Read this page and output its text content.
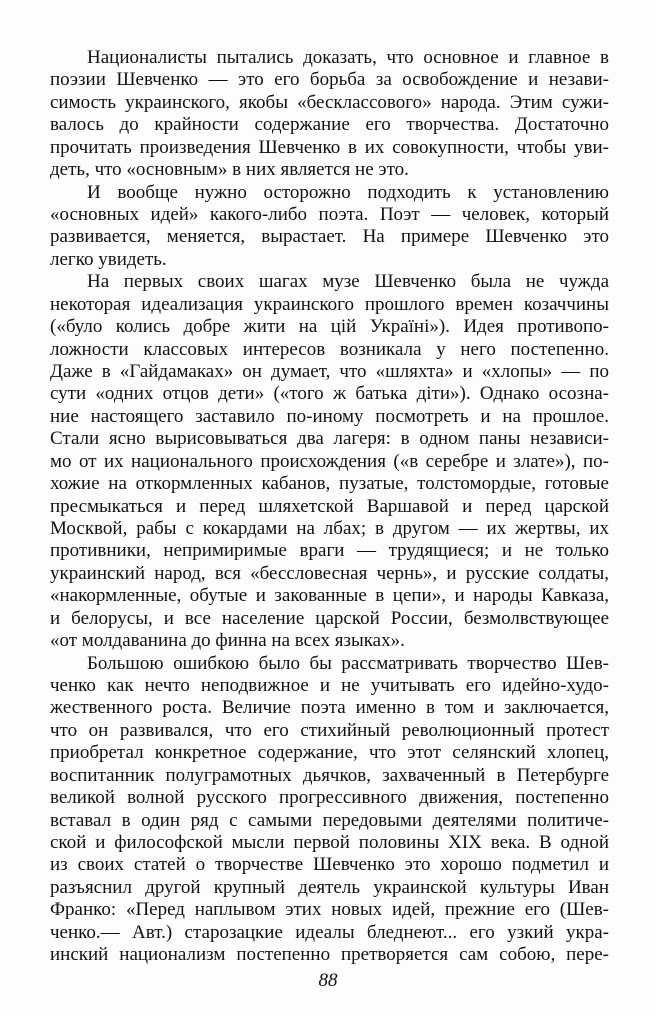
Националисты пытались доказать, что основное и главное в
поэзии Шевченко — это его борьба за освобождение и незави-
симость украинского, якобы «бесклассового» народа. Этим сужи-
валось до крайности содержание его творчества. Достаточно
прочитать произведения Шевченко в их совокупности, чтобы уви-
деть, что «основным» в них является не это.
И вообще нужно осторожно подходить к установлению
«основных идей» какого-либо поэта. Поэт — человек, который
развивается, меняется, вырастает. На примере Шевченко это
легко увидеть.
На первых своих шагах музе Шевченко была не чужда
некоторая идеализация украинского прошлого времен козаччины
(«було колись добре жити на цій Україні»). Идея противопо-
ложности классовых интересов возникала у него постепенно.
Даже в «Гайдамаках» он думает, что «шляхта» и «хлопы» — по
сути «одних отцов дети» («того ж батька діти»). Однако осозна-
ние настоящего заставило по-иному посмотреть и на прошлое.
Стали ясно вырисовываться два лагеря: в одном паны независи-
мо от их национального происхождения («в серебре и злате»), по-
хожие на откормленных кабанов, пузатые, толстомордые, готовые
пресмыкаться и перед шляхетской Варшавой и перед царской
Москвой, рабы с кокардами на лбах; в другом — их жертвы, их
противники, непримиримые враги — трудящиеся; и не только
украинский народ, вся «бессловесная чернь», и русские солдаты,
«накормленные, обутые и закованные в цепи», и народы Кавказа,
и белорусы, и все население царской России, безмолвствующее
«от молдаванина до финна на всех языках».
Большою ошибкою было бы рассматривать творчество Шев-
ченко как нечто неподвижное и не учитывать его идейно-худо-
жественного роста. Величие поэта именно в том и заключается,
что он развивался, что его стихийный революционный протест
приобретал конкретное содержание, что этот селянский хлопец,
воспитанник полуграмотных дьячков, захваченный в Петербурге
великой волной русского прогрессивного движения, постепенно
вставал в один ряд с самыми передовыми деятелями политиче-
ской и философской мысли первой половины XIX века. В одной
из своих статей о творчестве Шевченко это хорошо подметил и
разъяснил другой крупный деятель украинской культуры Иван
Франко: «Перед наплывом этих новых идей, прежние его (Шев-
ченко.— Авт.) старозацкие идеалы бледнеют... его узкий укра-
инский национализм постепенно претворяется сам собою, пере-
88
